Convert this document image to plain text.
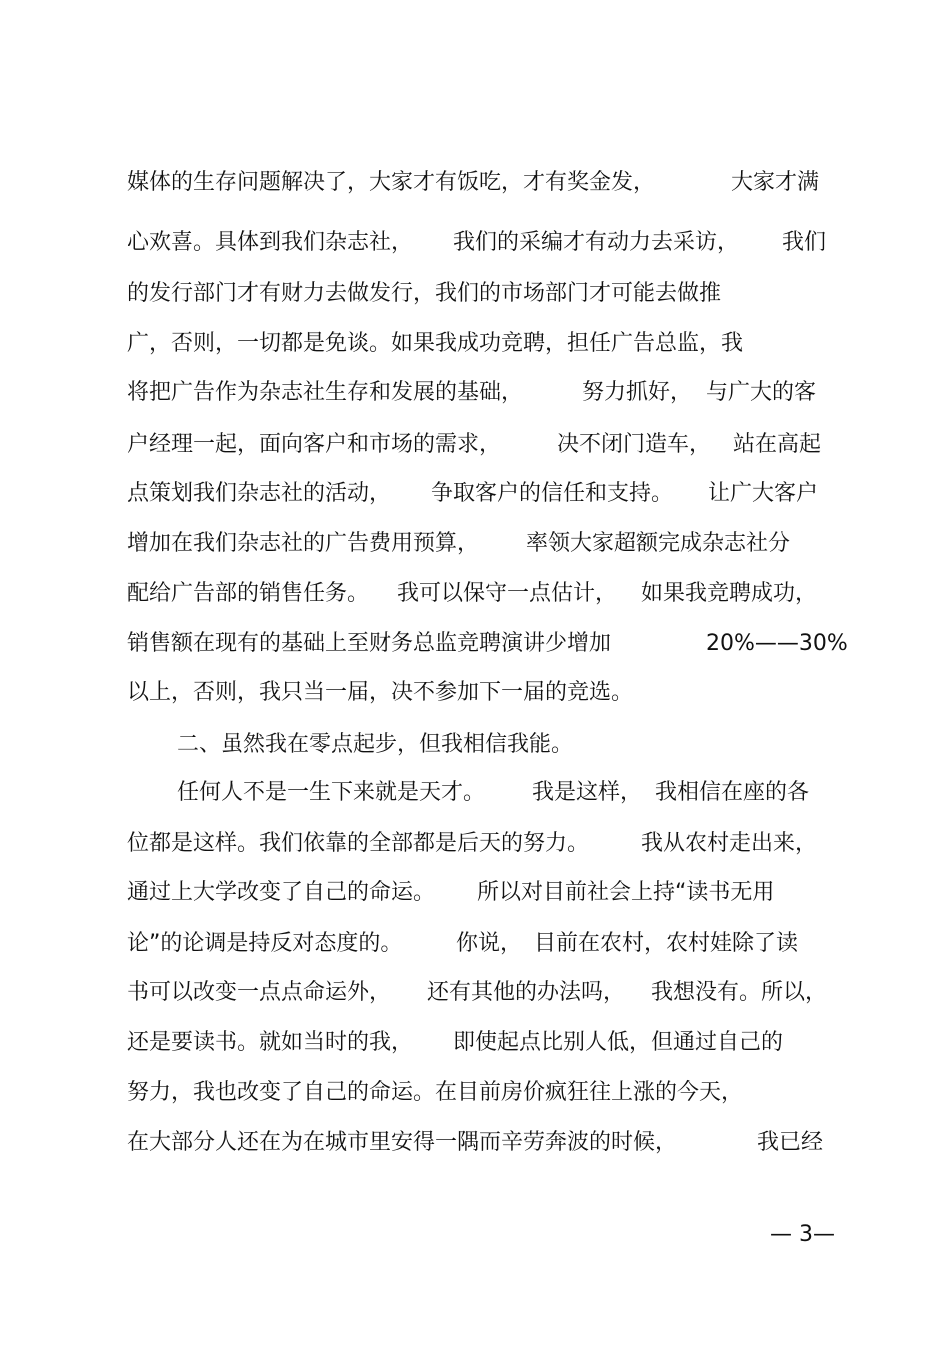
媒体的生存问题解决了，大家才有饭吃，才有奖金发，	大家才满
心欢喜。具体到我们杂志社， 我们的采编才有动力去采访， 我们
的发行部门才有财力去做发行，我们的市场部门才可能去做推
广，否则，一切都是免谈。如果我成功竞聘，担任广告总监，我
将把广告作为杂志社生存和发展的基础，	努力抓好， 与广大的客
户经理一起，面向客户和市场的需求，	决不闭门造车， 站在高起
点策划我们杂志社的活动， 争取客户的信任和支持。 让广大客户
增加在我们杂志社的广告费用预算， 率领大家超额完成杂志社分
配给广告部的销售任务。 我可以保守一点估计， 如果我竞聘成功，
销售额在现有的基础上至财务总监竞聘演讲少增加	20%——30%
以上，否则，我只当一届，决不参加下一届的竞选。
二、虽然我在零点起步，但我相信我能。
任何人不是一生下来就是天才。 我是这样， 我相信在座的各
位都是这样。我们依靠的全部都是后天的努力。 我从农村走出来，
通过上大学改变了自己的命运。 所以对目前社会上持“读书无用
论”的论调是持反对态度的。 你说， 目前在农村，农村娃除了读
书可以改变一点点命运外， 还有其他的办法吗， 我想没有。所以，
还是要读书。就如当时的我， 即使起点比别人低，但通过自己的
努力，我也改变了自己的命运。在目前房价疯狂往上涨的今天，
在大部分人还在为在城市里安得一隅而辛劳奔波的时候，	我已经
— 3—
